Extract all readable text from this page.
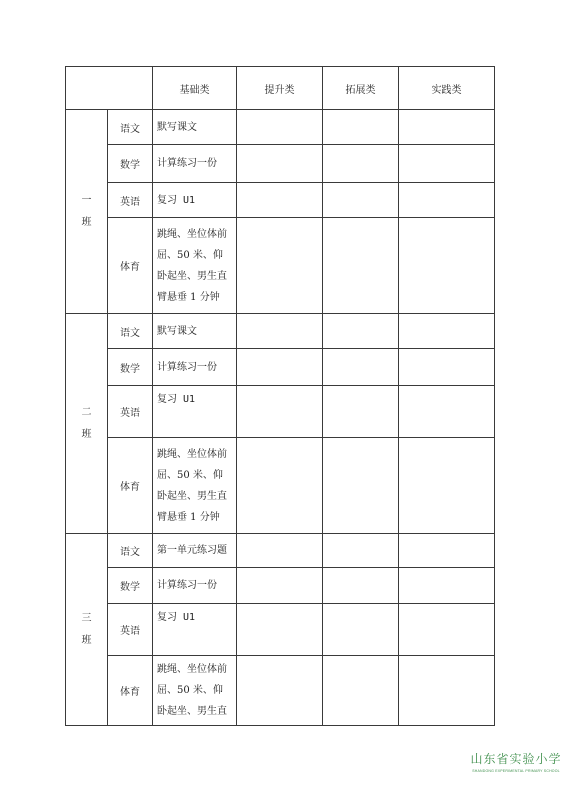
		基础类	提升类	拓展类	实践类

一
班	语文	默写课文			
	数学	计算练习一份			
	英语	复习 U1			
	体育	跳绳、坐位体前
屈、50 米、仰
卧起坐、男生直
臂悬垂 1 分钟			

二
班	语文	默写课文			
	数学	计算练习一份			
	英语	复习 U1			
	体育	跳绳、坐位体前
屈、50 米、仰
卧起坐、男生直
臂悬垂 1 分钟			

三
班	语文	第一单元练习题			
	数学	计算练习一份			
	英语	复习 U1			
	体育	跳绳、坐位体前
屈、50 米、仰
卧起坐、男生直			

山东省实验小学
SHANDONG EXPERIMENTAL PRIMARY SCHOOL
